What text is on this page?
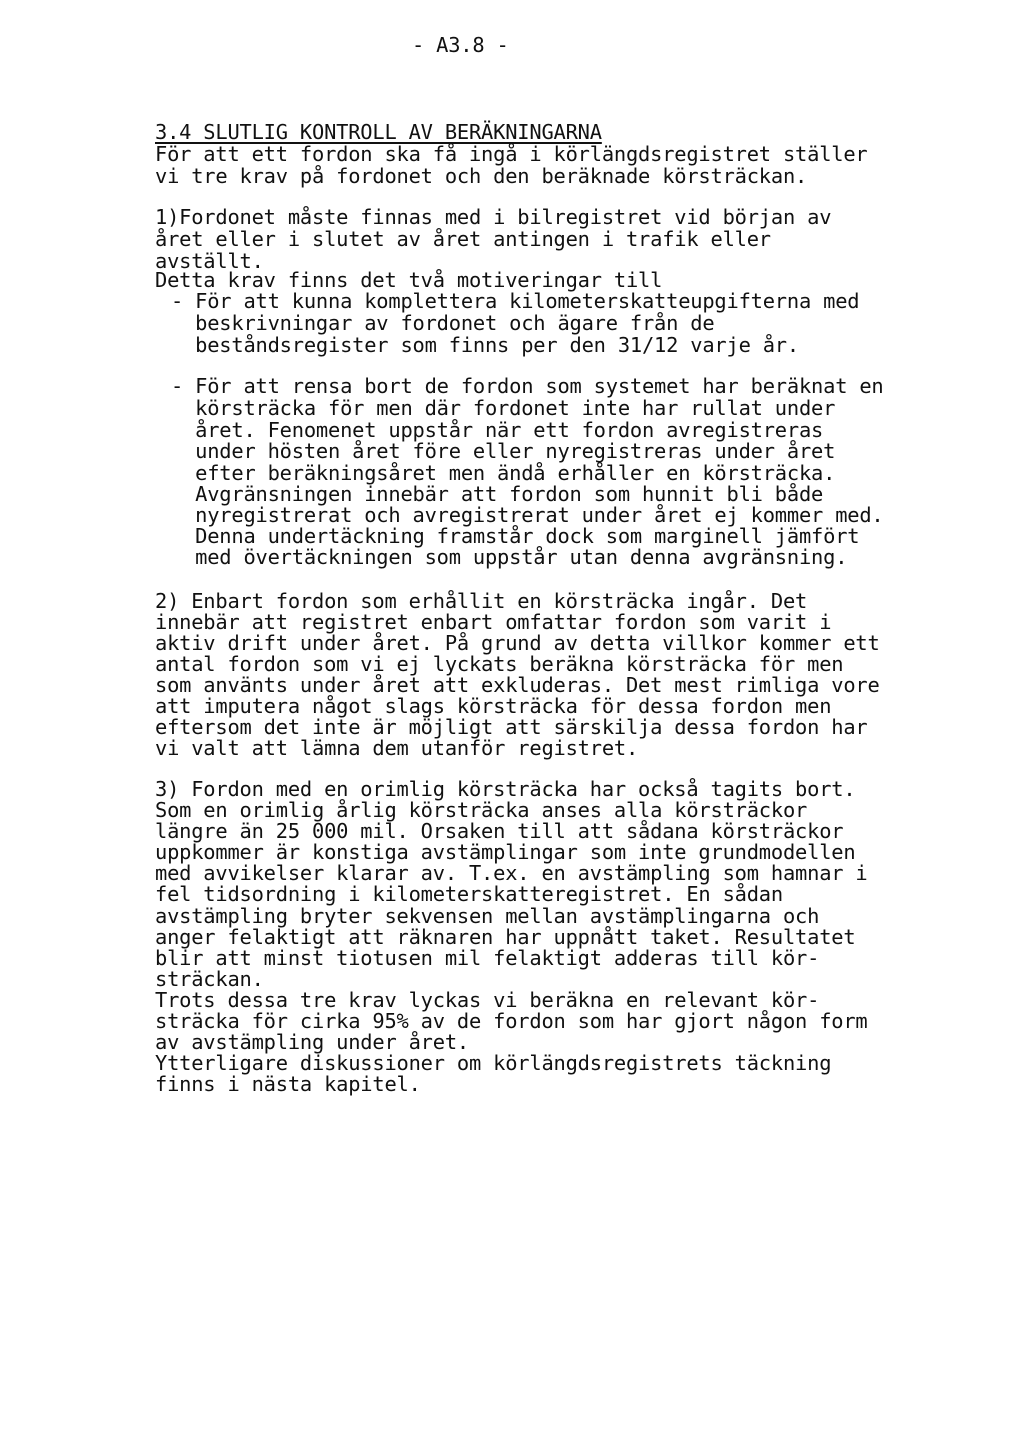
- A3.8 -
3.4 SLUTLIG KONTROLL AV BERÄKNINGARNA
För att ett fordon ska få ingå i körlängdsregistret ställer
vi tre krav på fordonet och den beräknade körsträckan.
1)Fordonet måste finnas med i bilregistret vid början av
året eller i slutet av året antingen i trafik eller
avställt.
Detta krav finns det två motiveringar till
- För att kunna komplettera kilometerskatteupgifterna med
beskrivningar av fordonet och ägare från de
beståndsregister som finns per den 31/12 varje år.
- För att rensa bort de fordon som systemet har beräknat en
körsträcka för men där fordonet inte har rullat under
året. Fenomenet uppstår när ett fordon avregistreras
under hösten året före eller nyregistreras under året
efter beräkningsåret men ändå erhåller en körsträcka.
Avgränsningen innebär att fordon som hunnit bli både
nyregistrerat och avregistrerat under året ej kommer med.
Denna undertäckning framstår dock som marginell jämfört
med övertäckningen som uppstår utan denna avgränsning.
2) Enbart fordon som erhållit en körsträcka ingår. Det
innebär att registret enbart omfattar fordon som varit i
aktiv drift under året. På grund av detta villkor kommer ett
antal fordon som vi ej lyckats beräkna körsträcka för men
som använts under året att exkluderas. Det mest rimliga vore
att imputera något slags körsträcka för dessa fordon men
eftersom det inte är möjligt att särskilja dessa fordon har
vi valt att lämna dem utanför registret.
3) Fordon med en orimlig körsträcka har också tagits bort.
Som en orimlig årlig körsträcka anses alla körsträckor
längre än 25 000 mil. Orsaken till att sådana körsträckor
uppkommer är konstiga avstämplingar som inte grundmodellen
med avvikelser klarar av. T.ex. en avstämpling som hamnar i
fel tidsordning i kilometerskatteregistret. En sådan
avstämpling bryter sekvensen mellan avstämplingarna och
anger felaktigt att räknaren har uppnått taket. Resultatet
blir att minst tiotusen mil felaktigt adderas till kör-
sträckan.
Trots dessa tre krav lyckas vi beräkna en relevant kör-
sträcka för cirka 95% av de fordon som har gjort någon form
av avstämpling under året.
Ytterligare diskussioner om körlängdsregistrets täckning
finns i nästa kapitel.
